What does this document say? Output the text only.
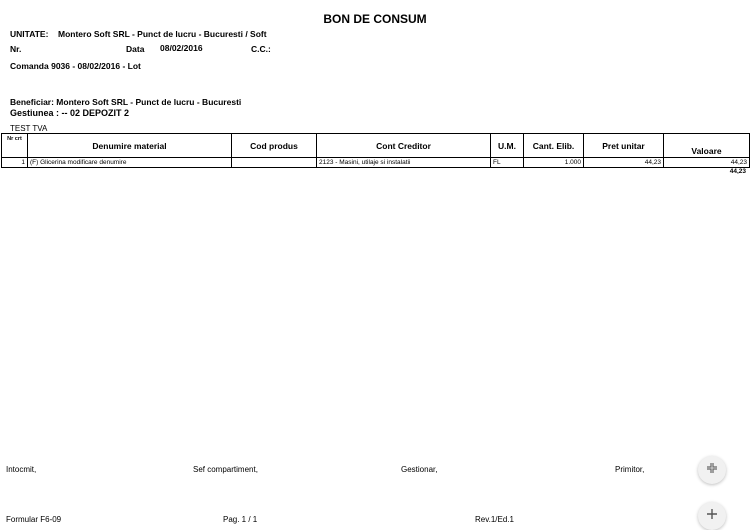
BON DE CONSUM
UNITATE: Montero Soft SRL - Punct de lucru - Bucuresti / Soft
Nr.	Data 08/02/2016	C.C.:
Comanda 9036 - 08/02/2016 - Lot
Beneficiar: Montero Soft SRL - Punct de lucru - Bucuresti
Gestiunea : -- 02 DEPOZIT 2
TEST TVA
Nr crt	Denumire material	Cod produs	Cont Creditor	U.M.	Cant. Elib.	Pret unitar	Valoare
1	(F) Glicerina modificare denumire		2123 - Masini, utilaje si instalatii	FL	1.000	44,23	44,23
44,23
Intocmit,	Sef compartiment,	Gestionar,	Primitor,
Formular F6-09	Pag. 1 / 1	Rev.1/Ed.1
